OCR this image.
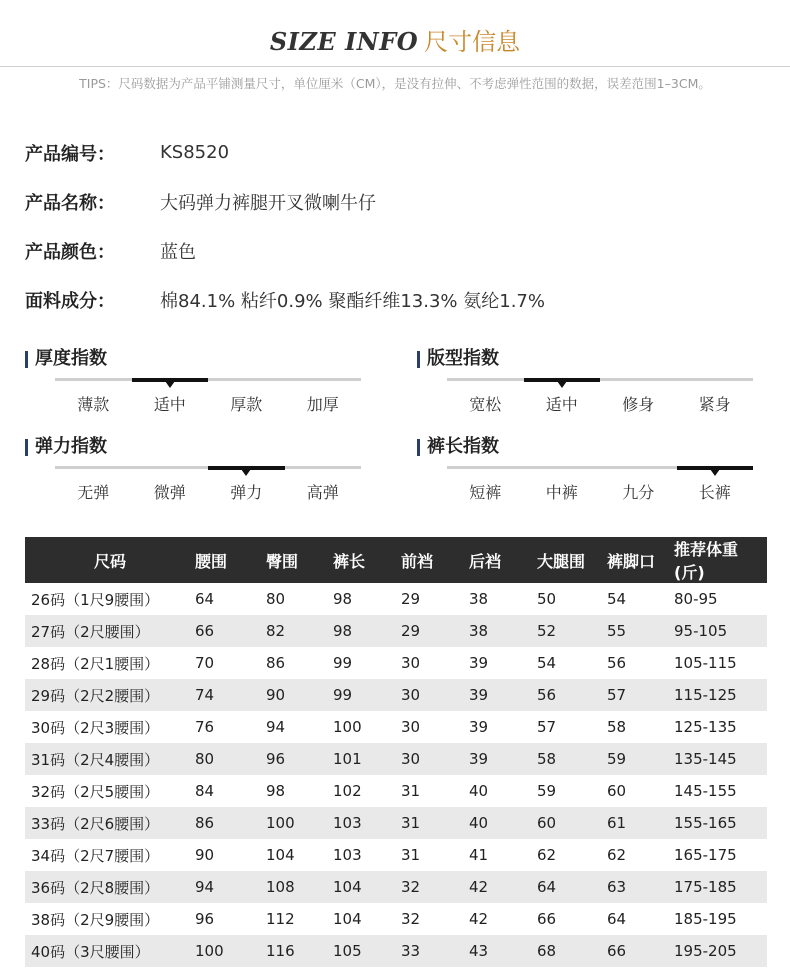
SIZE INFO 尺寸信息
TIPS：尺码数据为产品平铺测量尺寸，单位厘米（CM），是没有拉伸、不考虑弹性范围的数据，误差范围1–3CM。
产品编号：	KS8520
产品名称：	大码弹力裤腿开叉微喇牛仔
产品颜色：	蓝色
面料成分：	棉84.1% 粘纤0.9% 聚酯纤维13.3% 氨纶1.7%
厚度指数
薄款	适中	厚款	加厚
版型指数
宽松	适中	修身	紧身
弹力指数
无弹	微弹	弹力	高弹
裤长指数
短裤	中裤	九分	长裤
尺码	腰围	臀围	裤长	前裆	后裆	大腿围	裤脚口	推荐体重(斤)
26码（1尺9腰围）	64	80	98	29	38	50	54	80-95
27码（2尺腰围）	66	82	98	29	38	52	55	95-105
28码（2尺1腰围）	70	86	99	30	39	54	56	105-115
29码（2尺2腰围）	74	90	99	30	39	56	57	115-125
30码（2尺3腰围）	76	94	100	30	39	57	58	125-135
31码（2尺4腰围）	80	96	101	30	39	58	59	135-145
32码（2尺5腰围）	84	98	102	31	40	59	60	145-155
33码（2尺6腰围）	86	100	103	31	40	60	61	155-165
34码（2尺7腰围）	90	104	103	31	41	62	62	165-175
36码（2尺8腰围）	94	108	104	32	42	64	63	175-185
38码（2尺9腰围）	96	112	104	32	42	66	64	185-195
40码（3尺腰围）	100	116	105	33	43	68	66	195-205
